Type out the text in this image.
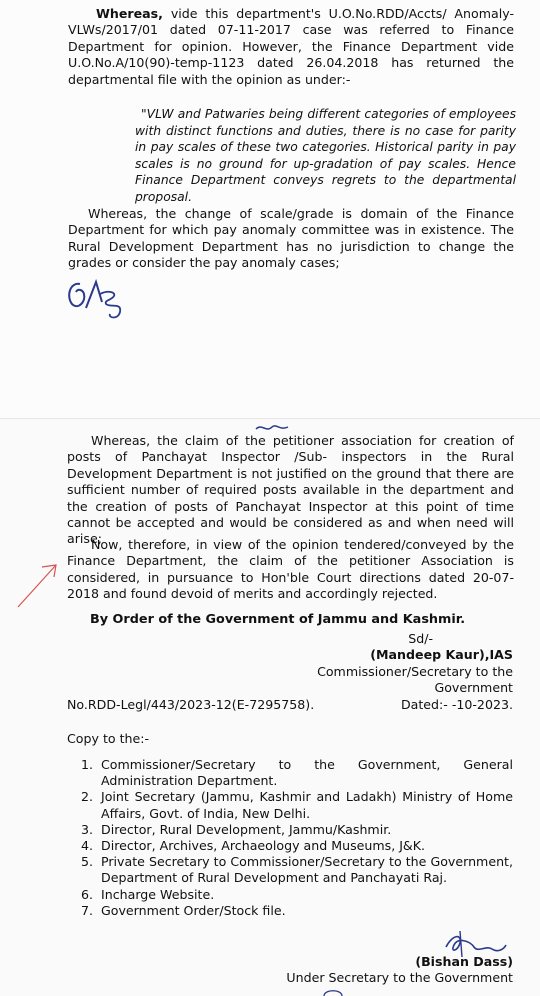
Whereas, vide this department's U.O.No.RDD/Accts/ Anomaly-VLWs/2017/01 dated 07-11-2017 case was referred to Finance Department for opinion. However, the Finance Department vide U.O.No.A/10(90)-temp-1123 dated 26.04.2018 has returned the departmental file with the opinion as under:-

"VLW and Patwaries being different categories of employees with distinct functions and duties, there is no case for parity in pay scales of these two categories. Historical parity in pay scales is no ground for up-gradation of pay scales. Hence Finance Department conveys regrets to the departmental proposal.

Whereas, the change of scale/grade is domain of the Finance Department for which pay anomaly committee was in existence. The Rural Development Department has no jurisdiction to change the grades or consider the pay anomaly cases;

Whereas, the claim of the petitioner association for creation of posts of Panchayat Inspector /Sub- inspectors in the Rural Development Department is not justified on the ground that there are sufficient number of required posts available in the department and the creation of posts of Panchayat Inspector at this point of time cannot be accepted and would be considered as and when need will arise;

Now, therefore, in view of the opinion tendered/conveyed by the Finance Department, the claim of the petitioner Association is considered, in pursuance to Hon'ble Court directions dated 20-07-2018 and found devoid of merits and accordingly rejected.

By Order of the Government of Jammu and Kashmir.

Sd/-

(Mandeep Kaur),IAS

Commissioner/Secretary to the Government

No.RDD-Legl/443/2023-12(E-7295758).	Dated:- -10-2023.

Copy to the:-

1. Commissioner/Secretary to the Government, General Administration Department.
2. Joint Secretary (Jammu, Kashmir and Ladakh) Ministry of Home Affairs, Govt. of India, New Delhi.
3. Director, Rural Development, Jammu/Kashmir.
4. Director, Archives, Archaeology and Museums, J&K.
5. Private Secretary to Commissioner/Secretary to the Government, Department of Rural Development and Panchayati Raj.
6. Incharge Website.
7. Government Order/Stock file.

(Bishan Dass)

Under Secretary to the Government
